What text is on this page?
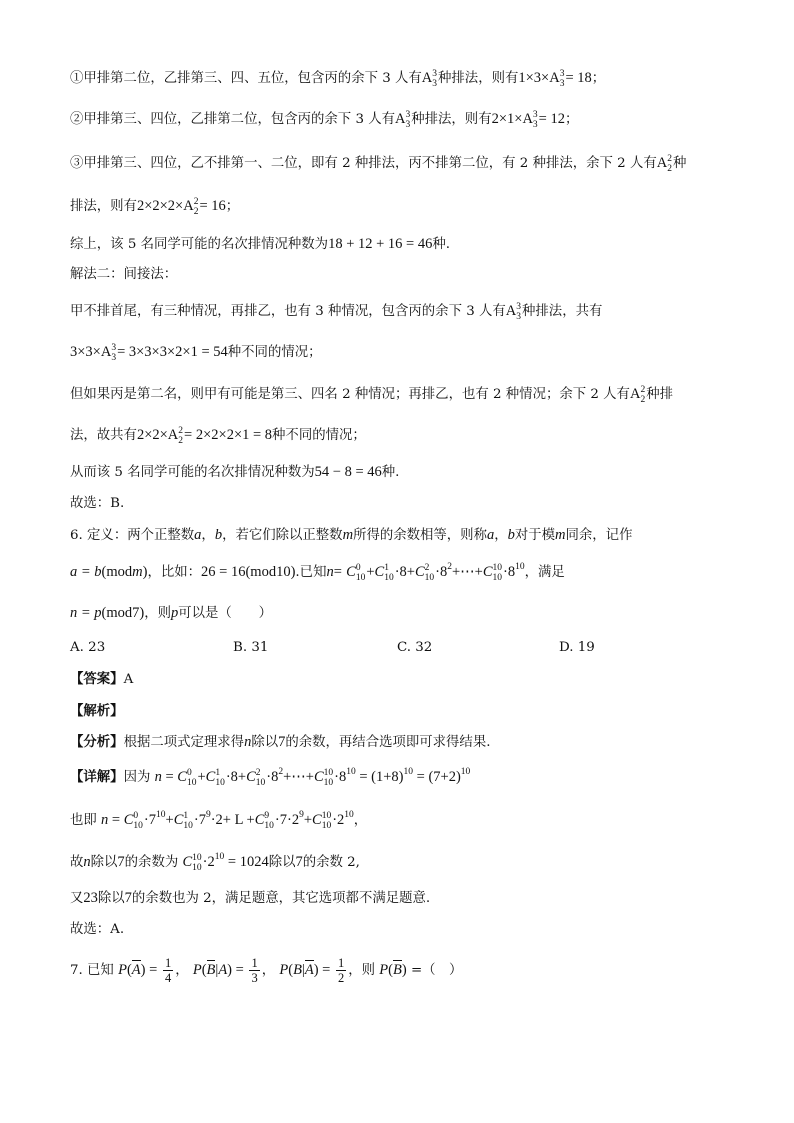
①甲排第二位，乙排第三、四、五位，包含丙的余下 3 人有A 3
3 种排法，则有1×3×A 3
3 = 18；
②甲排第三、四位，乙排第二位，包含丙的余下 3 人有A 3
3 种排法，则有2×1×A 3
3 = 12；
③甲排第三、四位，乙不排第一、二位，即有 2 种排法，丙不排第二位，有 2 种排法，余下 2 人有A 2
2 种
排法，则有2×2×2×A 2
2 = 16；
综上，该 5 名同学可能的名次排情况种数为18 + 12 + 16 = 46种.
解法二：间接法：
甲不排首尾，有三种情况，再排乙，也有 3 种情况，包含丙的余下 3 人有A 3
3 种排法，共有
3×3×A 3
3 = 3×3×3×2×1 = 54种不同的情况；
但如果丙是第二名，则甲有可能是第三、四名 2 种情况；再排乙，也有 2 种情况；余下 2 人有A 2
2 种排
法，故共有2×2×A 2
2 = 2×2×2×1 = 8种不同的情况；
从而该 5 名同学可能的名次排情况种数为54 − 8 = 46种.
故选：B.
6. 定义：两个正整数a，b，若它们除以正整数m所得的余数相等，则称a，b对于模m同余，记作
a = b(modm)，比如：26 = 16(mod10).已知n= C 0
10 +C 1
10 ·8+C 2
$10 \cdot 8^2+\cdots+C$ 10
$10 \cdot 8^{10}$，满足
n = p(mod7)，则p可以是（　　）
A. 23	B. 31	C. 32	D. 19
【答案】A
【解析】
【分析】根据二项式定理求得n除以7的余数，再结合选项即可求得结果.
【详解】因为 n = C 0
10 +C 1
10 ·8+C 2
$10 \cdot 8^2+\cdots+C$ 10
$10 \cdot 8^{10} = (1+8)^{10} = (7+2)^{10}$
也即 n = C 0
$10 \cdot 7^{10}+C$ 1
$10 \cdot 7^9\cdot 2+ L +C$ 9
$10 \cdot 7\cdot 2^9+C$ 10
$10 \cdot 2^{10}$，
故n除以7的余数为 C 10
$10 \cdot 2^{10} = 1024$除以7的余数 2,
又23除以7的余数也为 2，满足题意，其它选项都不满足题意.
故选：A.
7. 已知 $P(A) = \frac{1}{4}$ ， $P(B|A) = \frac{1}{3}$ ， $P(B|A) = \frac{1}{2}$ ，则 P(B) =（　）
